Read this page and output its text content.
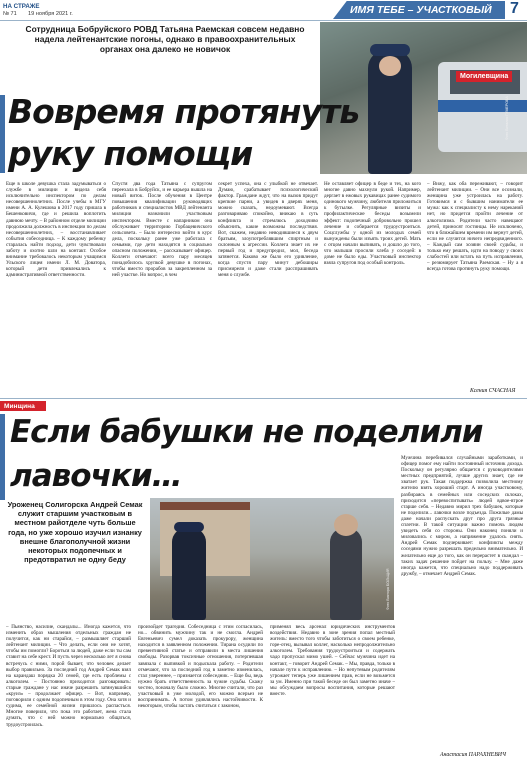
НА СТРАЖЕ
№ 71 19 ноября 2021 г.	ИМЯ ТЕБЕ – УЧАСТКОВЫЙ 7
Сотрудница Бобруйского РОВД Татьяна Раемская совсем недавно надела лейтенантские погоны, однако в правоохранительных органах она далеко не новичок
Могилевщина
Фото Виталия ГУМЕРОВА
Вовремя протянуть
руку помощи
Еще в школе девушка стала задумываться о службе в милиции и видела себя исключительно инспектором по делам несовершеннолетних. После учебы в МГУ имени А. А. Кулешова в 2017 году пришла в Бешенковичи, где и решила воплотить давнюю мечту. – В районном отделе милиции продолжила должность в инспекции по делам несовершеннолетних, – восстанавливает события собеседница. – К каждому ребенку старалась найти подход, дети чувствовали заботу и охотно шли на контакт. Особое внимание требовалось некоторым учащимся Ульского лицея имени Л. М. Доватора, который дети привлекались к административной ответственности.
Спустя два года Татьяна с супругом переехала в Бобруйск, и ее карьера вышла на новый виток. После обучения в Центре повышения квалификации руководящих работников и специалистов МВД лейтенанта милиции назначили участковым инспектором. Вместе с напарником она обслуживает территорию Горбацевичского сельсовета. – Было интересно войти в курс дела, поскольку ранее уже работала с семьями, где дети находятся в социально опасном положении, – рассказывает офицер. Коллеги отмечают: всего пару месяцев понадобилось хрупкой девушке в погонах, чтобы вместо прорабов за закрепленном за ней участке. Но вопрос, в чем
секрет успеха, она с улыбкой не отвечает. Думаю, срабатывает психологический фактор. Граждане ждут, что на вызов придут крепкие парни, а увидев в дверях меня, можно сказать, недоумевают. Всегда разговариваю спокойно, вникаю в суть конфликта и стремлюсь доходчиво объяснить, какие возможны последствия. Вот, скажем, недавно неводившиеся к двум братьям, злоупотреблявшим спиртным и склонным к агрессии. Коллега знает их не первый год и предупредил, мол, беседа затянется. Каково же было его удивление, когда спустя пару минут дебоширы присмирели и даже стали расспрашивать меня о службе.
Не оставляет офицер в беде и тех, на кого многие давно махнули рукой. Например, дергает в ежовых рукавицах ранее судимого одинокого мужчину, любителя приложиться к бутылке. Регулярные визиты и профилактические беседы возымели эффект: подопечный добровольно прошел лечение и собирается трудоустроиться. Соцслужбы у одной из молодых семей вынуждены были изъять троих детей. Мать с отцом начали выпивать, и дошло до того, что малыши просили хлеба у соседей: в доме не было еды. Участковый инспектор взяла супругов под особый контроль.
– Вижу, как оба переживают, – говорит лейтенант милиции. – Они все осознали, женщина уже устроилась на работу. Готовимся и с бывшим наниматели ее мужа: как к специалисту к нему нареканий нет, но придется пройти лечение от алкоголизма. Родители часто навещают детей, приносят гостинцы. Не исключено, что в ближайшем времени им вернут детей, если не случится ничего непредвиденного. – Каждый сам хозяин своей судьбы, и только ему решать, идти на поводу у своих слабостей или встать на путь исправления, – резюмирует Татьяна Раемская. – Ну а я всегда готова протянуть руку помощи.
Ксения СЧАСНАЯ
Минщина
Если бабушки не поделили
лавочки…	Мужчина перебивался случайными заработками, и офицер помог ему найти постоянный источник дохода. Поскольку он регулярно общается с руководителями местных предприятий, лучше других знает, где не хватает рук. Такая поддержка позволила местному жителю взять хороший старт. А иногда участковому, разбираясь в семейных или соседских склоках, приходится «перевоспитывать» людей вдвое-втрое старше себя. – Недавно мирил трех бабушек, которые не поделили... лавочки возле подъезда. Пожилые дамы даже начали распускать друг про друга грязные сплетни. В такой ситуации важно помочь людям увидеть себя со стороны. Они наконец поняли и миловались с миром, а напряжение удалось снять. Андрей Семак подчеркивает: конфликты между соседями нужно разрешать предельно внимательно. И желательно еще до того, как он перерастет в скандал – таких задач решение пойдет на пользу. – Мне даже иногда кажется, что специально надо поддерживать дружбу, – отмечает Андрей Семак.
Уроженец Солигорска Андрей Семак служит старшим участковым в местном райотделе чуть больше года, но уже хорошо изучил изнанку внешне благополучной жизни некоторых подопечных и предотвратил не одну беду
Фото Виктора БОЛЬЦИЯ
– Пьянство, насилие, скандалы... Иногда кажется, что изменить образ мышления отдельных граждан не получится, как ни старайся, – размышляет старший лейтенант милиции. – Что делать, если они не хотят, чтобы им помогли? Бороться за людей, даже если ты сам ставит на себе крест. И пусть через несколько лет я снова встречусь с ними, порой бывает, что человек делает выбор правильно. За последний год Андрей Семак взял на карандаш порядка 20 семей, где есть проблемы с алкоголем. – Постоянно приходится разговаривать: старые граждане у нас иначе разрешить затянувшийся «круиз» – продолжает офицер. – Вот, например, поговорили с одним подопечным в этом году. Она хотя и судима, ее семейной жизни пришлось распасться. Многие поверили, что пока это работает, жена стала думать, что с ней можно нормально общаться, трудоустроилась.
произойдет трагедия. Собеседница с этим согласилась, но... обвинить мужчину так и не смогла. Андрей Евгеньевич сумел доказать прокурору, женщина находится в заявленном положении. Тирана осудили по превентивной статье и отправили в места лишения свободы. Разорвав токсичные отношения, потерпевшая завязала с выпивкой и подыскала работу. – Родители отмечают, что за последний год в заметно изменилась, стал увереннее, – признается собеседник. – Еще бы, ведь нужно брать ответственность за чужие судьбы. Скажу честно, поначалу было сложно. Многие считали, что раз участковый в уже молодой, его можно всерьез не воспринимать. А потом удивлялись настойчивости. К некоторым, чтобы застать считаться с законом,
применял весь арсенал юридических инструментов воздействия. Недавно в зоне зрения попал местный житель: вместо того чтобы заботиться о своем ребенке, горе-отец, вызывал коллег, насколько непродолжительно алкоголем. Требования трудоустроиться и содержать чадо пропускал мимо ушей. – Сейчас мужчина идет на контакт, – говорит Андрей Семак. – Мы, правда, только в начале пути к исправлению. – Но непутевым родителям угрожает теперь уже лишением прав, если не возьмется за ум. Именно при такой беседе он был заметно иначе – мы обсуждаем вопросы воспитания, которые решают вместе.
Анастасия ПАРАХНЕВИЧ
